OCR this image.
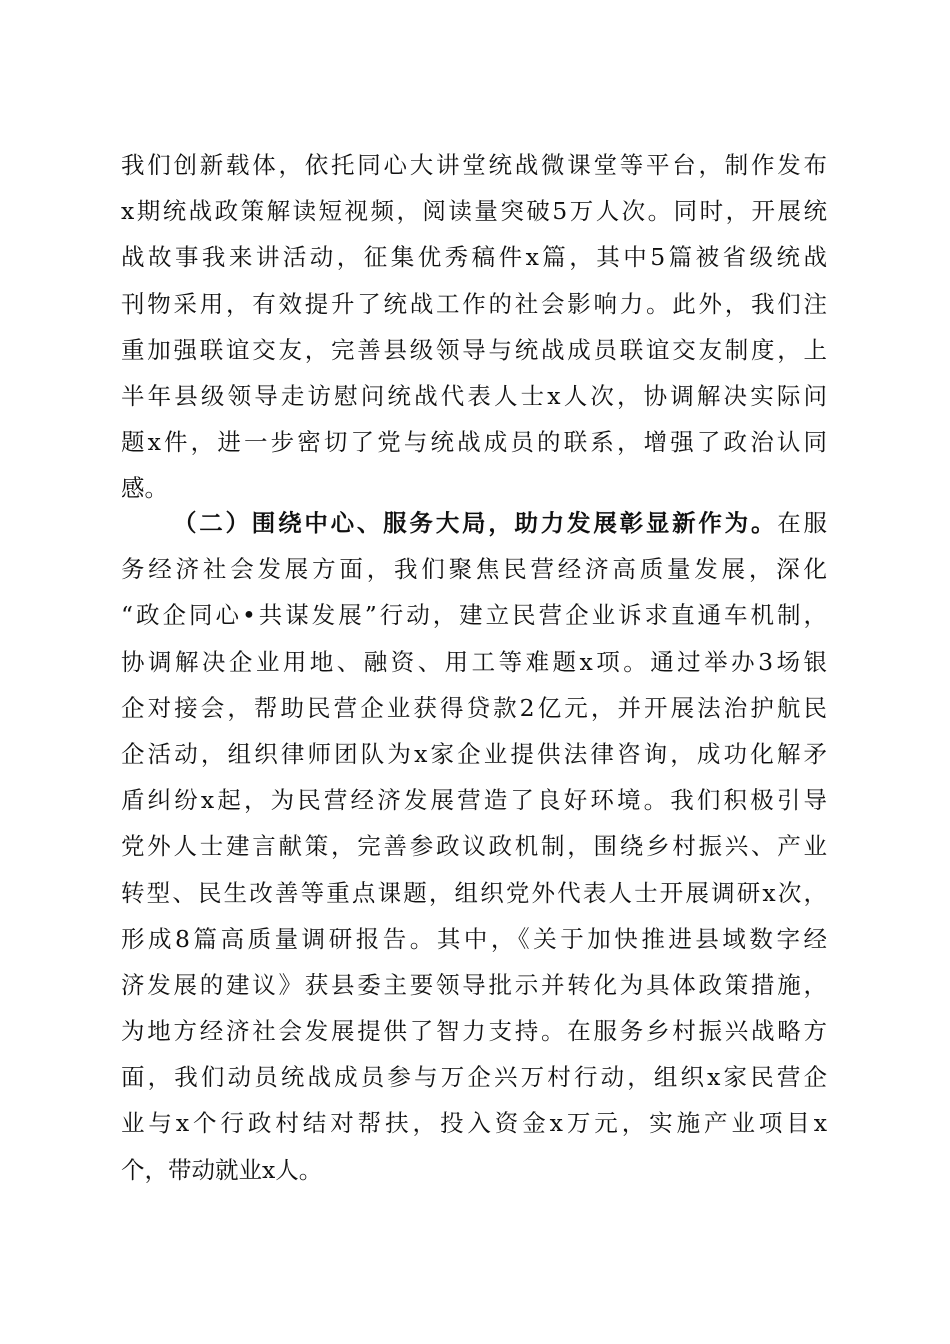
我们创新载体，依托同心大讲堂统战微课堂等平台，制作发布
x期统战政策解读短视频，阅读量突破5万人次。同时，开展统
战故事我来讲活动，征集优秀稿件x篇，其中5篇被省级统战
刊物采用，有效提升了统战工作的社会影响力。此外，我们注
重加强联谊交友，完善县级领导与统战成员联谊交友制度，上
半年县级领导走访慰问统战代表人士x人次，协调解决实际问
题x件，进一步密切了党与统战成员的联系，增强了政治认同
感。
（二）围绕中心、服务大局，助力发展彰显新作为。在服
务经济社会发展方面，我们聚焦民营经济高质量发展，深化
“政企同心•共谋发展”行动，建立民营企业诉求直通车机制，
协调解决企业用地、融资、用工等难题x项。通过举办3场银
企对接会，帮助民营企业获得贷款2亿元，并开展法治护航民
企活动，组织律师团队为x家企业提供法律咨询，成功化解矛
盾纠纷x起，为民营经济发展营造了良好环境。我们积极引导
党外人士建言献策，完善参政议政机制，围绕乡村振兴、产业
转型、民生改善等重点课题，组织党外代表人士开展调研x次，
形成8篇高质量调研报告。其中，《关于加快推进县域数字经
济发展的建议》获县委主要领导批示并转化为具体政策措施，
为地方经济社会发展提供了智力支持。在服务乡村振兴战略方
面，我们动员统战成员参与万企兴万村行动，组织x家民营企
业与x个行政村结对帮扶，投入资金x万元，实施产业项目x
个，带动就业x人。
